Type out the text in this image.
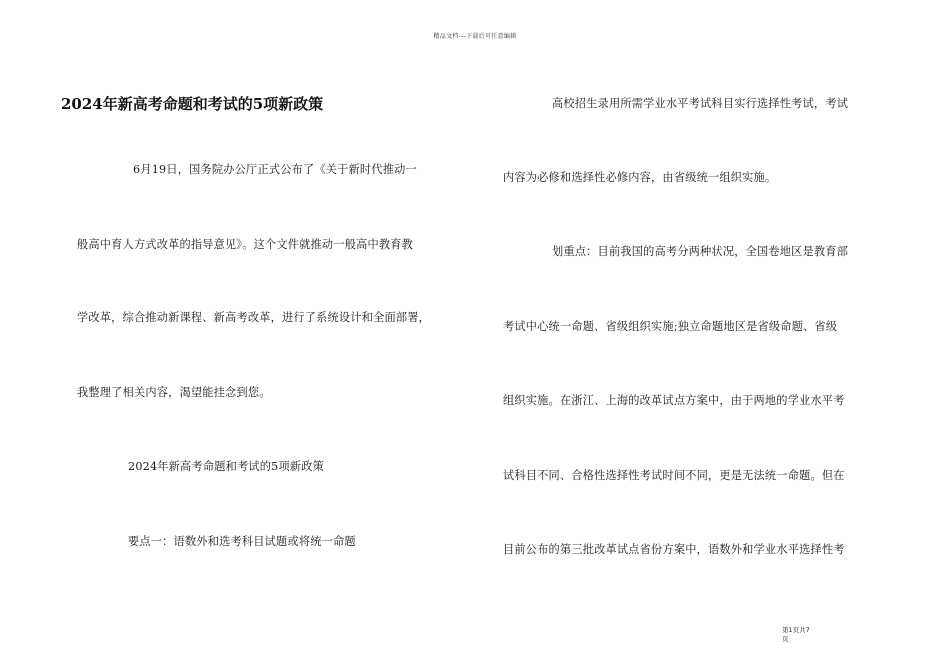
精品文档---下载后可任意编辑
2024年新高考命题和考试的5项新政策
6月19日，国务院办公厅正式公布了《关于新时代推动一
般高中育人方式改革的指导意见》。这个文件就推动一般高中教育教
学改革，综合推动新课程、新高考改革，进行了系统设计和全面部署，
我整理了相关内容，渴望能挂念到您。
2024年新高考命题和考试的5项新政策
要点一：语数外和选考科目试题或将统一命题
高校招生录用所需学业水平考试科目实行选择性考试，考试
内容为必修和选择性必修内容，由省级统一组织实施。
划重点：目前我国的高考分两种状况，全国卷地区是教育部
考试中心统一命题、省级组织实施;独立命题地区是省级命题、省级
组织实施。在浙江、上海的改革试点方案中，由于两地的学业水平考
试科目不同、合格性选择性考试时间不同，更是无法统一命题。但在
目前公布的第三批改革试点省份方案中，语数外和学业水平选择性考
第1页共7
页
